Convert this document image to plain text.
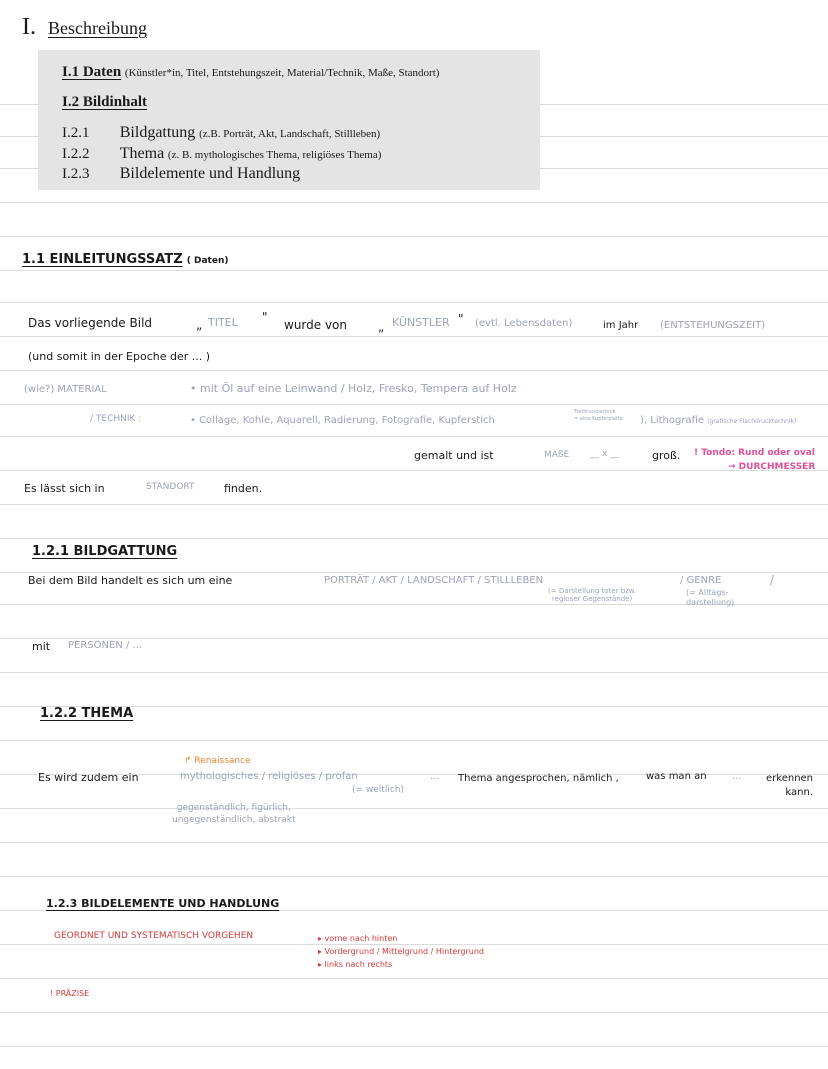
I. Beschreibung
I.1 Daten (Künstler*in, Titel, Entstehungszeit, Material/Technik, Maße, Standort)
I.2 Bildinhalt
I.2.1 Bildgattung (z.B. Porträt, Akt, Landschaft, Stillleben)
I.2.2 Thema (z. B. mythologisches Thema, religiöses Thema)
I.2.3 Bildelemente und Handlung
1.1 EINLEITUNGSSATZ ( Daten)
Das vorliegende Bild	„ TITEL "
wurde von	„ KÜNSTLER " (evtl. Lebensdaten)	im Jahr (ENTSTEHUNGSZEIT)
(und somit in der Epoche der ... )
(wie?) MATERIAL	• mit Öl auf eine Leinwand / Holz, Fresko, Tempera auf Holz
/ TECHNIK :	• Collage, Kohle, Aquarell, Radierung, Fotografie, Kupferstich
Tiefdrucktechnik
= eine Kupferplatte ), Lithografie (grafische Flachdrucktechnik)
gemalt und ist	MAßE __ x __	groß. ! Tondo: Rund oder oval
→ DURCHMESSER
Es lässt sich in	STANDORT	finden.
1.2.1 BILDGATTUNG
Bei dem Bild handelt es sich um eine	PORTRÄT / AKT / LANDSCHAFT / STILLLEBEN
(= Darstellung toter bzw.
regloser Gegenstände)
/ GENRE
(= Alltags-
darstellung)
/
mit PERSONEN / ...
1.2.2 THEMA
↱ Renaissance
Es wird zudem ein	mythologisches / religiöses / profan
(= weltlich)
... Thema angesprochen, nämlich ,	was man an	... erkennen
kann.
gegenständlich, figürlich,
ungegenständlich, abstrakt
1.2.3 BILDELEMENTE UND HANDLUNG
GEORDNET UND SYSTEMATISCH VORGEHEN	▸ vorne nach hinten
▸ Vordergrund / Mittelgrund / Hintergrund
▸ links nach rechts
! PRÄZISE
